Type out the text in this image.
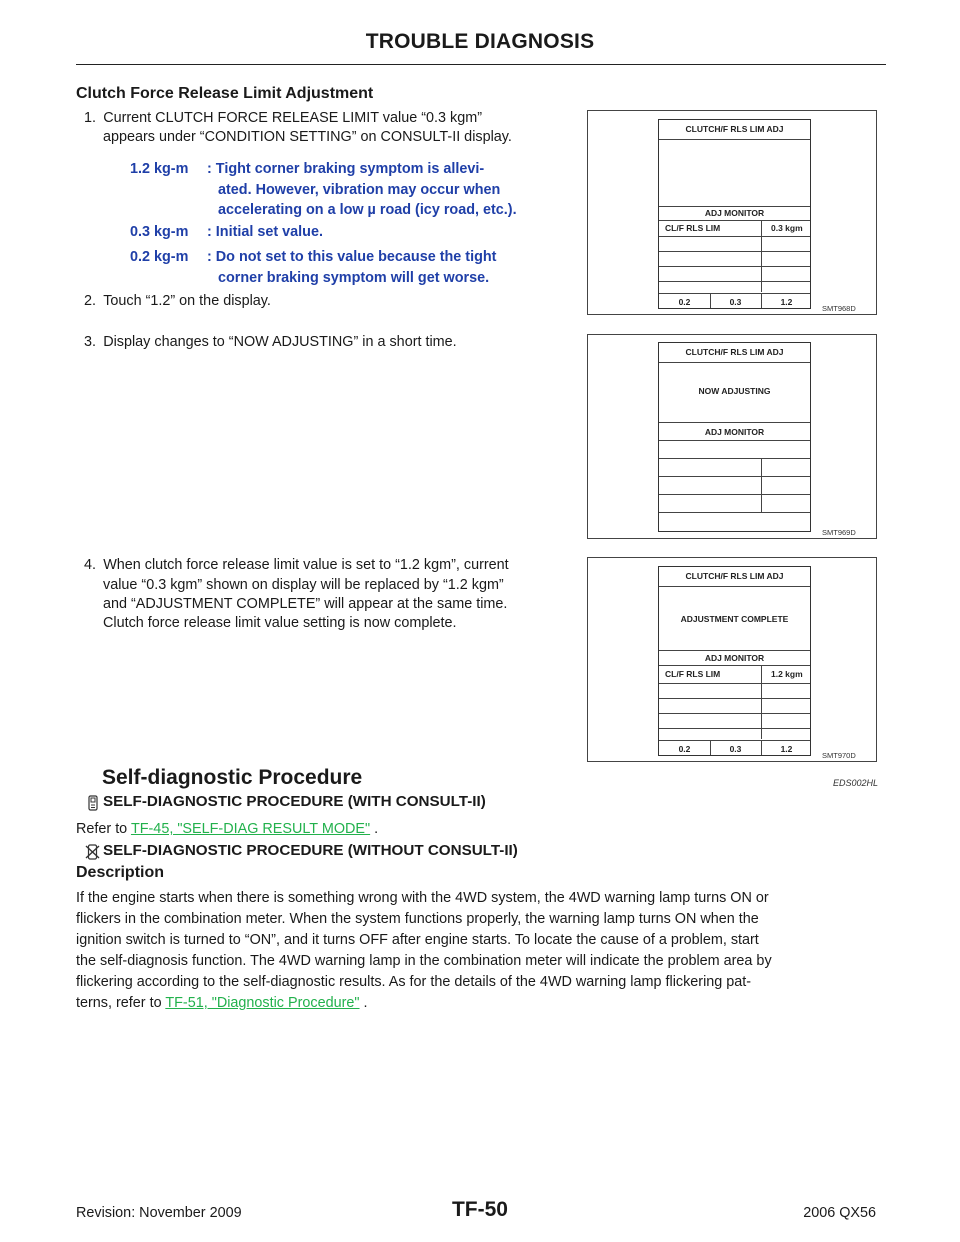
TROUBLE DIAGNOSIS
Clutch Force Release Limit Adjustment
1. Current CLUTCH FORCE RELEASE LIMIT value “0.3 kgm”
appears under “CONDITION SETTING” on CONSULT-II display.
1.2 kg-m : Tight corner braking symptom is allevi-
ated. However, vibration may occur when
accelerating on a low µ road (icy road, etc.).
0.3 kg-m : Initial set value.
0.2 kg-m : Do not set to this value because the tight
corner braking symptom will get worse.
2. Touch “1.2” on the display.
3. Display changes to “NOW ADJUSTING” in a short time.
4. When clutch force release limit value is set to “1.2 kgm”, current
value “0.3 kgm” shown on display will be replaced by “1.2 kgm”
and “ADJUSTMENT COMPLETE” will appear at the same time.
Clutch force release limit value setting is now complete.
CLUTCH/F RLS LIM ADJ
ADJ MONITOR
CL/F RLS LIM	0.3 kgm
0.2	0.3	1.2
SMT968D
CLUTCH/F RLS LIM ADJ
NOW ADJUSTING
ADJ MONITOR
SMT969D
CLUTCH/F RLS LIM ADJ
ADJUSTMENT COMPLETE
ADJ MONITOR
CL/F RLS LIM	1.2 kgm
0.2	0.3	1.2
SMT970D
Self-diagnostic Procedure	EDS002HL
SELF-DIAGNOSTIC PROCEDURE (WITH CONSULT-II)
Refer to TF-45, "SELF-DIAG RESULT MODE" .
SELF-DIAGNOSTIC PROCEDURE (WITHOUT CONSULT-II)
Description
If the engine starts when there is something wrong with the 4WD system, the 4WD warning lamp turns ON or
flickers in the combination meter. When the system functions properly, the warning lamp turns ON when the
ignition switch is turned to “ON”, and it turns OFF after engine starts. To locate the cause of a problem, start
the self-diagnosis function. The 4WD warning lamp in the combination meter will indicate the problem area by
flickering according to the self-diagnostic results. As for the details of the 4WD warning lamp flickering pat-
terns, refer to TF-51, "Diagnostic Procedure" .
Revision: November 2009	TF-50	2006 QX56
